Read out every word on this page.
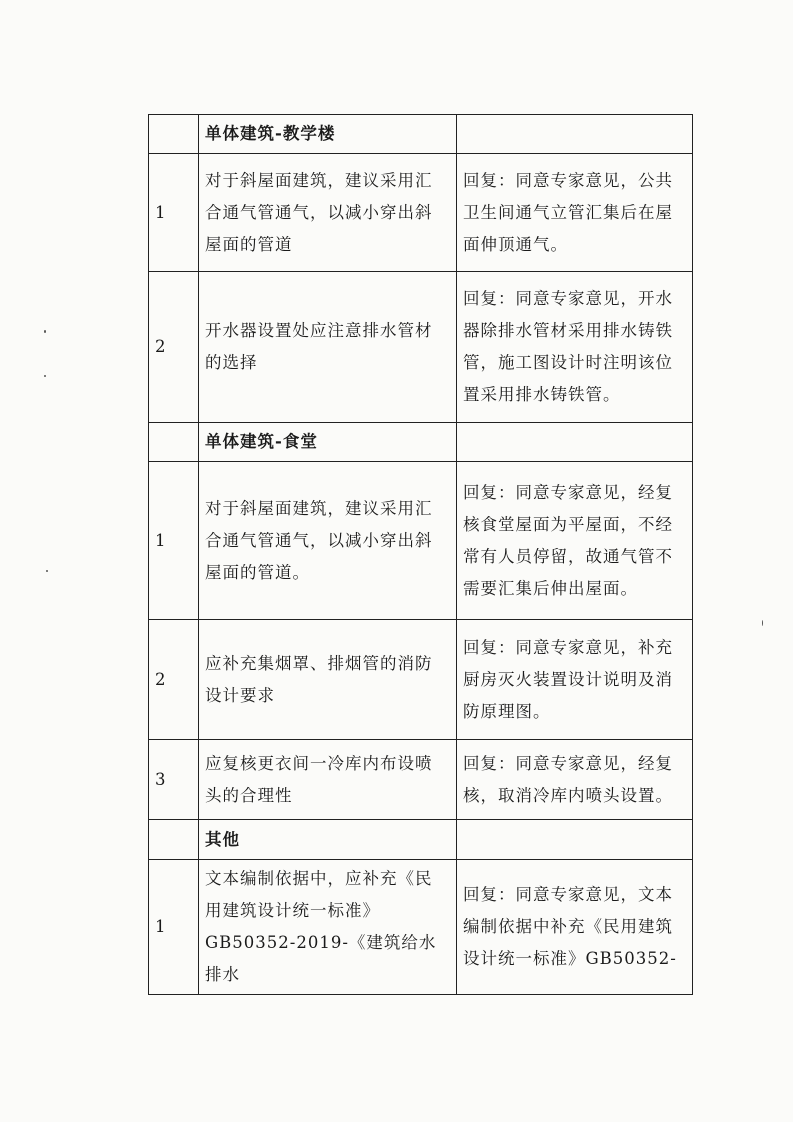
	单体建筑-教学楼	
1	对于斜屋面建筑，建议采用汇
合通气管通气，以减小穿出斜
屋面的管道	回复：同意专家意见，公共
卫生间通气立管汇集后在屋
面伸顶通气。

2	开水器设置处应注意排水管材
的选择	回复：同意专家意见，开水
器除排水管材采用排水铸铁
管，施工图设计时注明该位
置采用排水铸铁管。

	单体建筑-食堂	
1	对于斜屋面建筑，建议采用汇
合通气管通气，以减小穿出斜
屋面的管道。	回复：同意专家意见，经复
核食堂屋面为平屋面，不经
常有人员停留，故通气管不
需要汇集后伸出屋面。

2	应补充集烟罩、排烟管的消防
设计要求	回复：同意专家意见，补充
厨房灭火装置设计说明及消
防原理图。

3	应复核更衣间一冷库内布设喷
头的合理性	回复：同意专家意见，经复
核，取消冷库内喷头设置。

	其他	
1	文本编制依据中，应补充《民
用建筑设计统一标准》
GB50352-2019-《建筑给水排水	回复：同意专家意见，文本
编制依据中补充《民用建筑
设计统一标准》GB50352-
